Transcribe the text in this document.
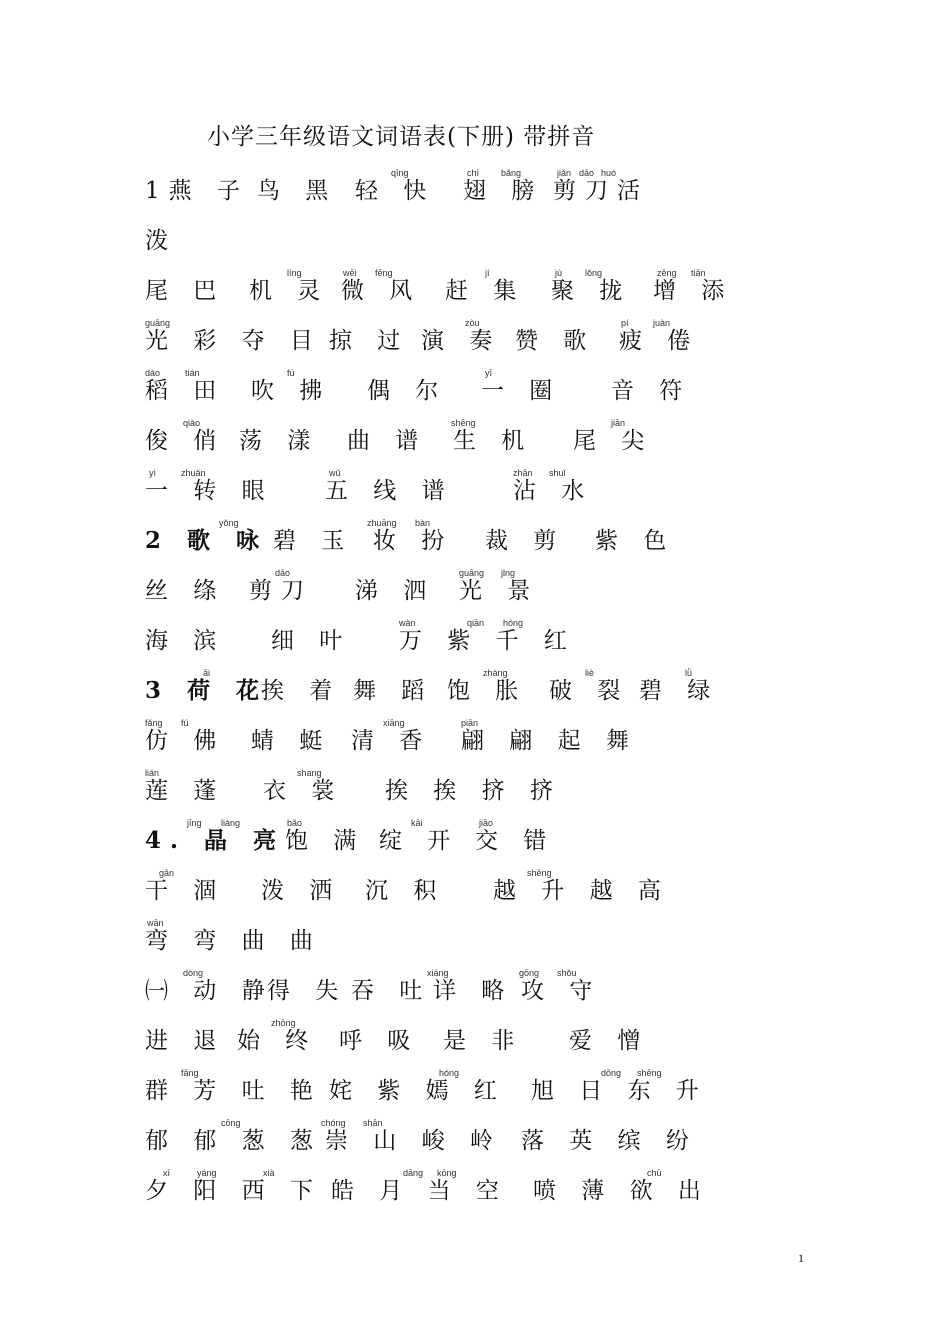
小学三年级语文词语表(下册) 带拼音
1燕 子 鸟 黑 轻 快 翅 膀 剪刀活
qīng	chì bǎng	jiǎn dāo huó
泼
尾 巴 机 灵 微 风 赶 集 聚 拢 增 添
líng	wēi fēng	jí	jù	lǒng	zēng tiān
光 彩 夺 目 掠 过 演 奏 赞 歌 疲 倦
guāng	zòu	pí	juàn
稻 田 吹 拂 偶 尔 一 圈 音 符
dào	tián	fú	yī
俊 俏 荡 漾 曲 谱 生 机 尾 尖
qiào	shēng	jiān
一 转 眼 五 线 谱	沾 水
yì	zhuǎn	wǔ	zhān shuǐ
2 歌 咏 碧 玉 妆 扮 裁 剪 紫 色
yǒng	zhuāng bàn
丝 绦 剪刀 涕 泗 光 景
dāo	guāng jǐng
海 滨 细 叶 万 紫 千 红
wàn	qiān hóng
3 荷 花
挨 着 舞 蹈 饱 胀 破 裂 碧 绿
āi	zhàng	liè	lǜ
仿 佛 蜻 蜓 清 香 翩 翩 起 舞
fǎng fú	xiāng	piān
莲 蓬 衣 裳 挨 挨 挤 挤
lián	shang
4. 晶 亮 饱 满 绽 开 交 错
jīng liàng	bǎo	kāi	jiāo
干 涸 泼 洒 沉 积 越 升 越 高
gān	shēng
弯 弯 曲 曲
wān
㈠ 动 静
得 失 吞 吐 详 略 攻 守
dòng	xiáng	gōng shǒu
进 退 始 终 呼 吸 是 非 爱 憎
zhōng
群 芳 吐 艳 姹 紫 嫣 红 旭 日 东 升
fāng	hóng	dōng shēng
郁 郁 葱 葱 崇 山 峻 岭 落 英 缤 纷
cōng	chóng shān
夕 阳 西 下 皓 月 当 空 喷 薄 欲 出
xī	yáng	xià	dāng kōng	chū
1
